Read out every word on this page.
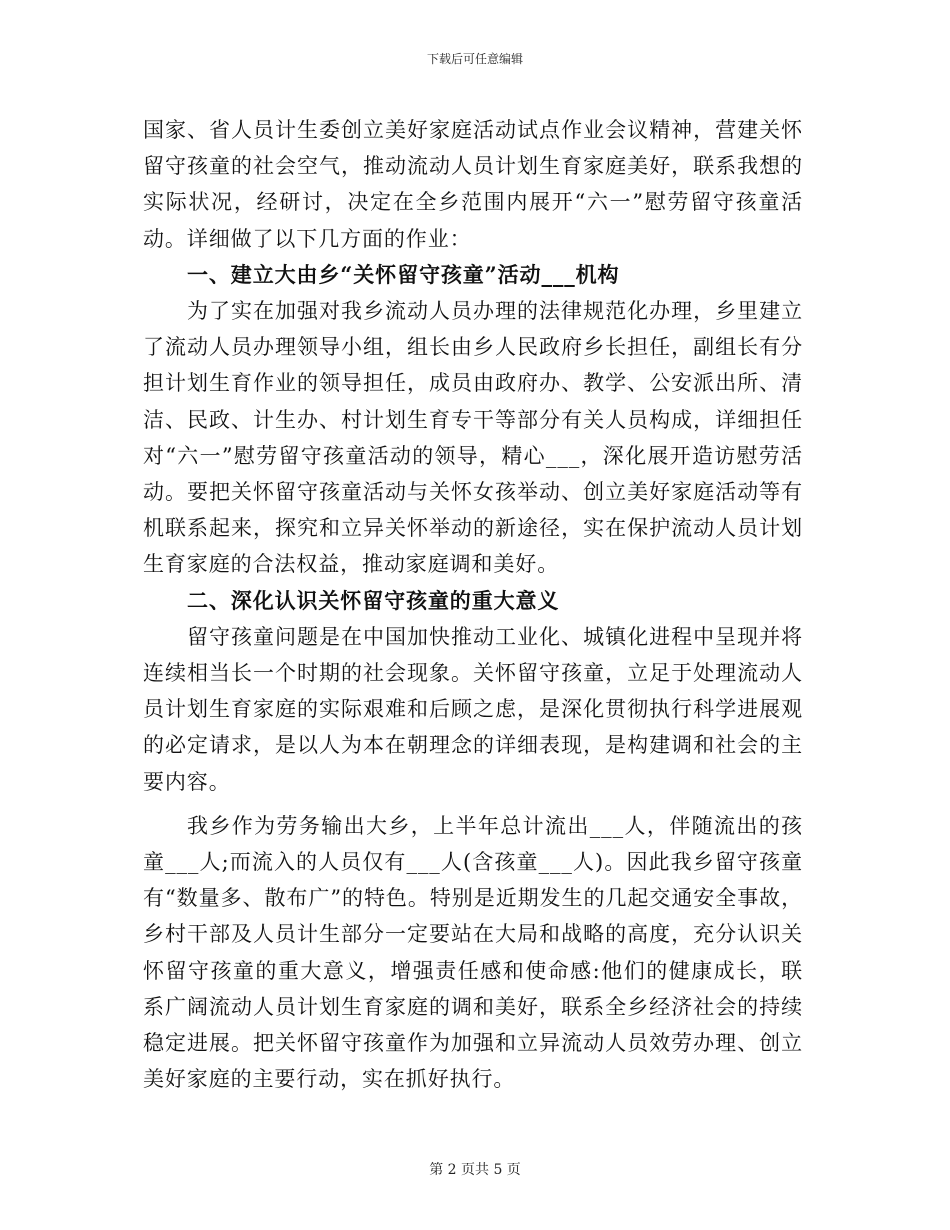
下载后可任意编辑

国家、省人员计生委创立美好家庭活动试点作业会议精神，营建关怀留守孩童的社会空气，推动流动人员计划生育家庭美好，联系我想的实际状况，经研讨，决定在全乡范围内展开“六一”慰劳留守孩童活动。详细做了以下几方面的作业：

一、建立大由乡“关怀留守孩童”活动___机构

为了实在加强对我乡流动人员办理的法律规范化办理，乡里建立了流动人员办理领导小组，组长由乡人民政府乡长担任，副组长有分担计划生育作业的领导担任，成员由政府办、教学、公安派出所、清洁、民政、计生办、村计划生育专干等部分有关人员构成，详细担任对“六一”慰劳留守孩童活动的领导，精心___，深化展开造访慰劳活动。要把关怀留守孩童活动与关怀女孩举动、创立美好家庭活动等有机联系起来，探究和立异关怀举动的新途径，实在保护流动人员计划生育家庭的合法权益，推动家庭调和美好。

二、深化认识关怀留守孩童的重大意义

留守孩童问题是在中国加快推动工业化、城镇化进程中呈现并将连续相当长一个时期的社会现象。关怀留守孩童，立足于处理流动人员计划生育家庭的实际艰难和后顾之虑，是深化贯彻执行科学进展观的必定请求，是以人为本在朝理念的详细表现，是构建调和社会的主要内容。

我乡作为劳务输出大乡，上半年总计流出___人，伴随流出的孩童___人;而流入的人员仅有___人(含孩童___人)。因此我乡留守孩童有“数量多、散布广”的特色。特别是近期发生的几起交通安全事故，乡村干部及人员计生部分一定要站在大局和战略的高度，充分认识关怀留守孩童的重大意义，增强责任感和使命感:他们的健康成长，联系广阔流动人员计划生育家庭的调和美好，联系全乡经济社会的持续稳定进展。把关怀留守孩童作为加强和立异流动人员效劳办理、创立美好家庭的主要行动，实在抓好执行。

第 2 页共 5 页
